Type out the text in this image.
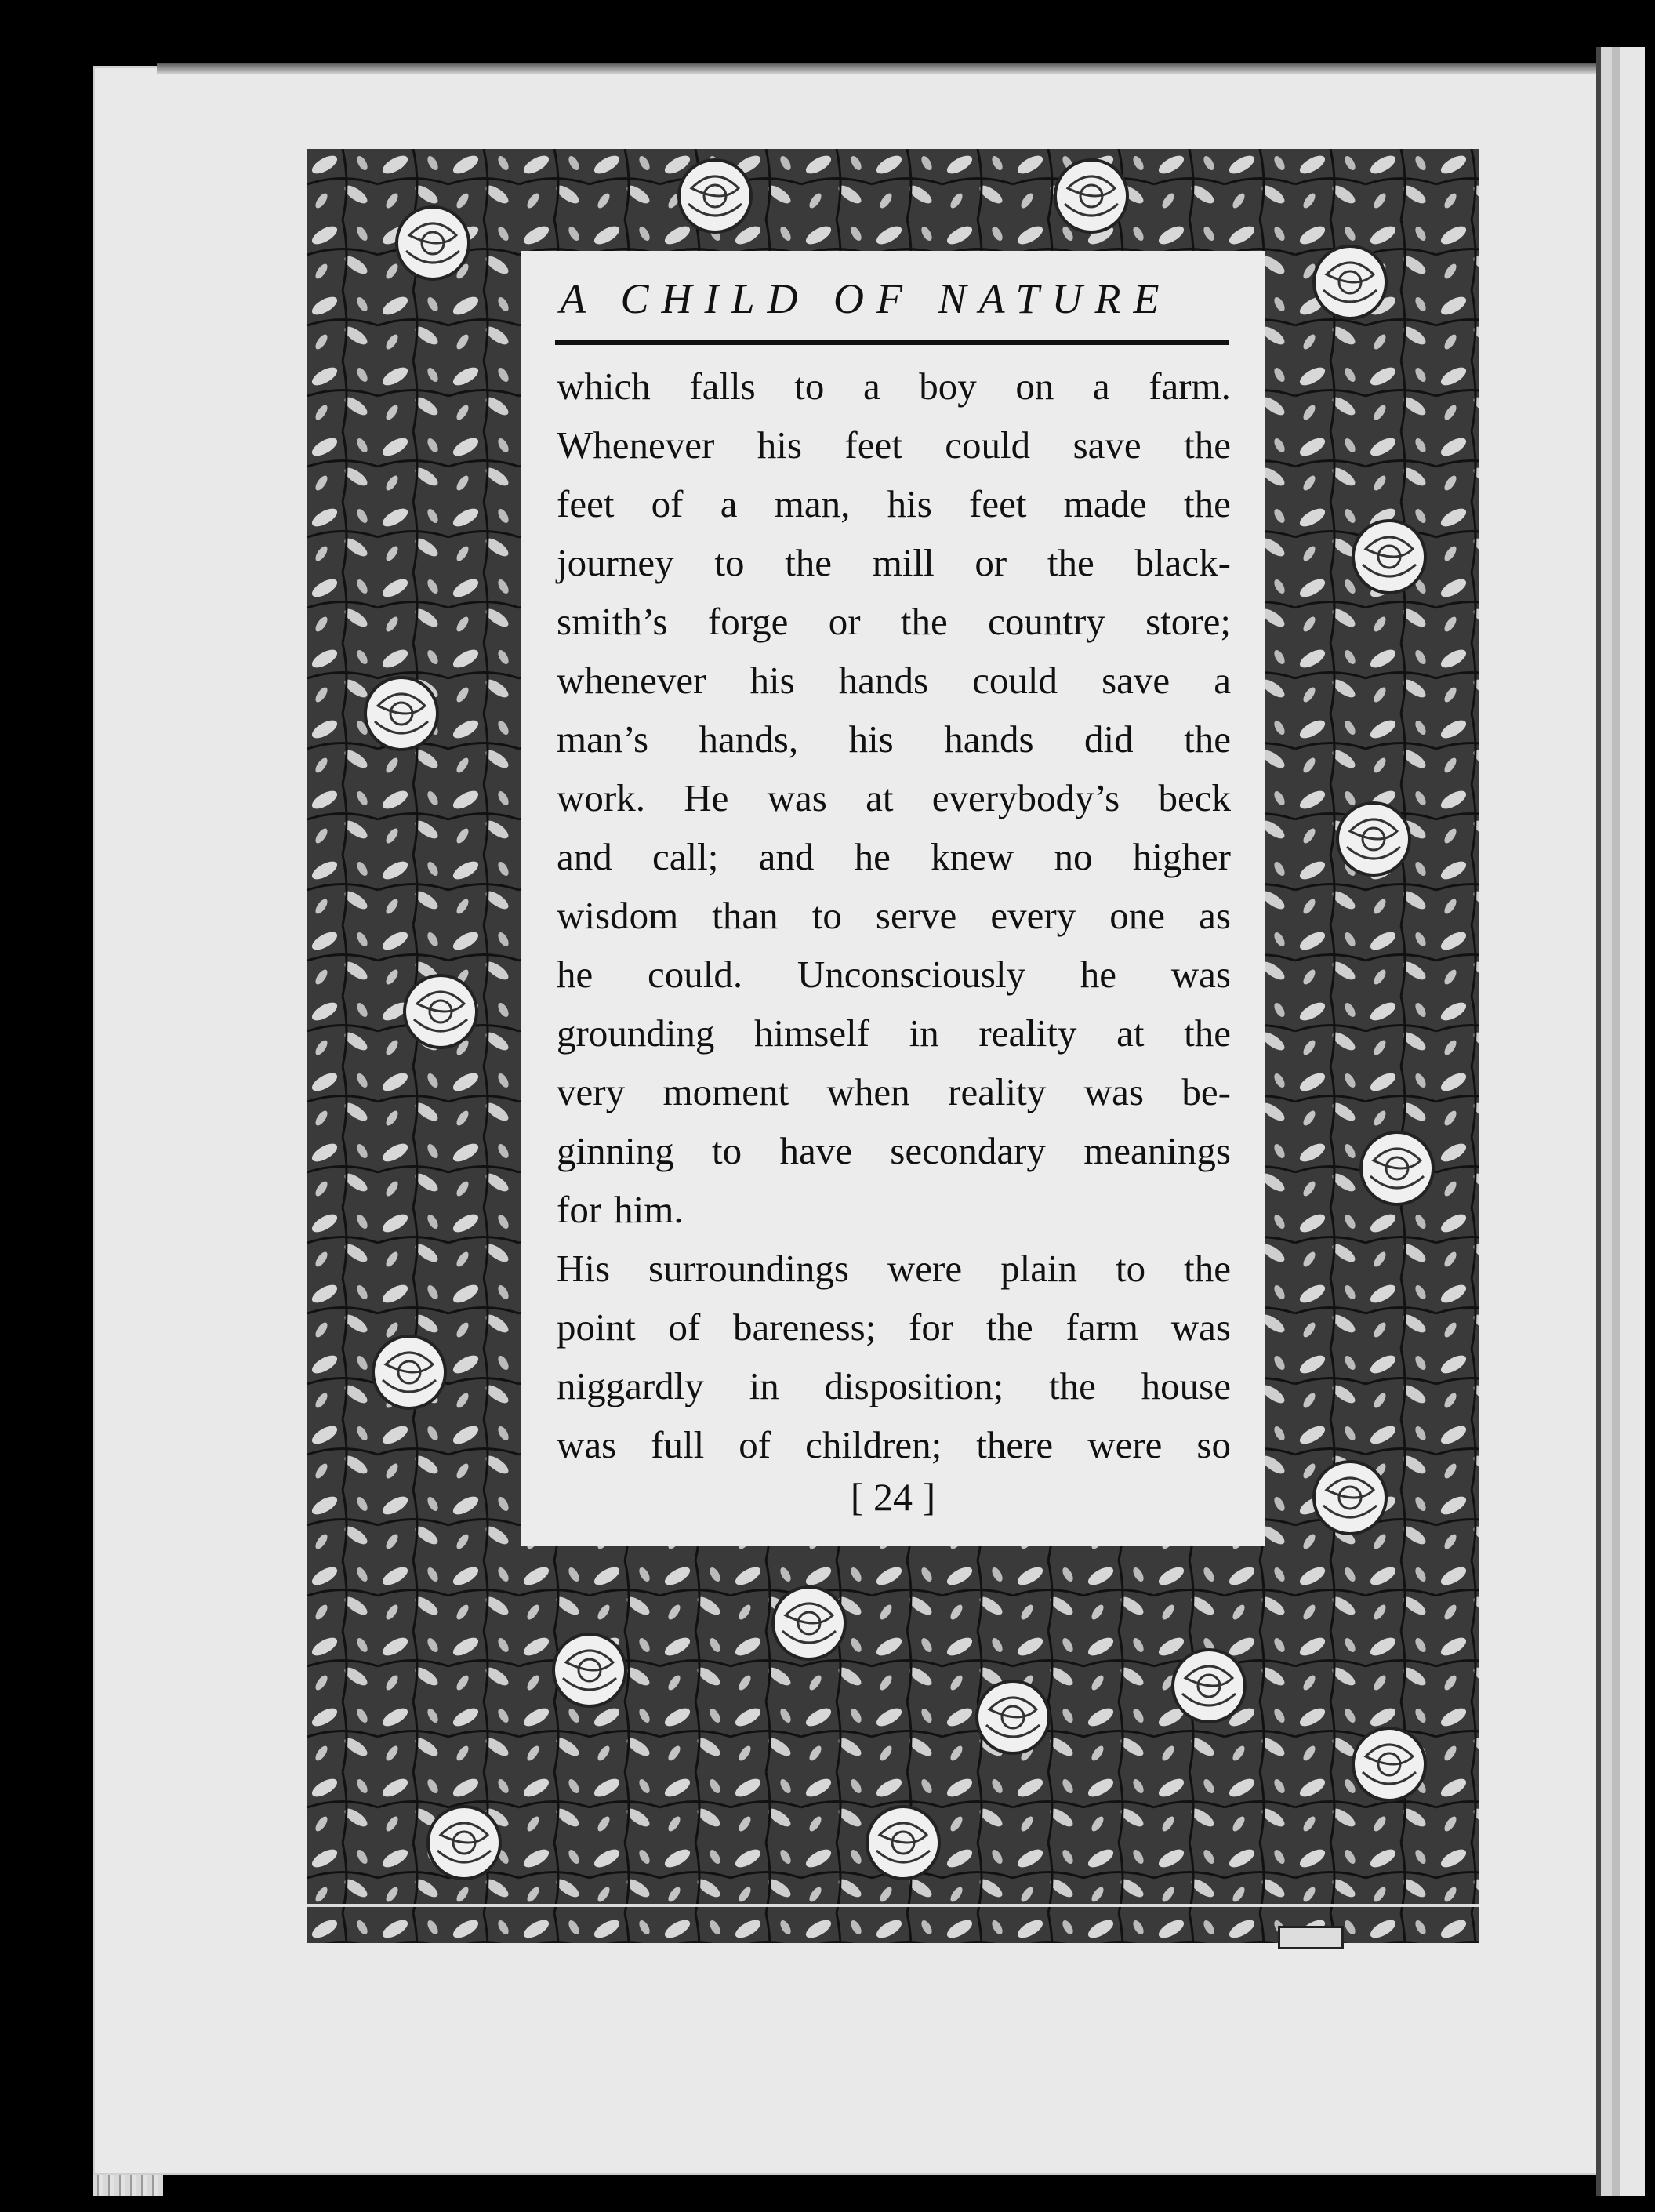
A CHILD OF NATURE
which falls to a boy on a farm.
Whenever his feet could save the
feet of a man, his feet made the
journey to the mill or the black-
smith’s forge or the country store;
whenever his hands could save a
man’s hands, his hands did the
work. He was at everybody’s beck
and call; and he knew no higher
wisdom than to serve every one as
he could. Unconsciously he was
grounding himself in reality at the
very moment when reality was be-
ginning to have secondary meanings
for him.
His surroundings were plain to the
point of bareness; for the farm was
niggardly in disposition; the house
was full of children; there were so
[ 24 ]
